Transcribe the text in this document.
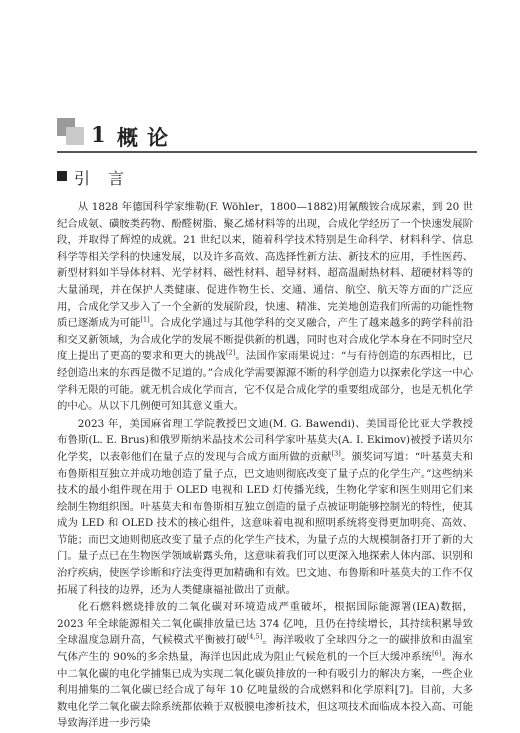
1 概论
引言

从 1828 年德国科学家维勒(F. Wöhler，1800—1882)用氰酸铵合成尿素，到 20 世纪合成氨、磺胺类药物、酚醛树脂、聚乙烯材料等的出现，合成化学经历了一个快速发展阶段，并取得了辉煌的成就。21 世纪以来，随着科学技术特别是生命科学、材料科学、信息科学等相关学科的快速发展，以及许多高效、高选择性新方法、新技术的应用，手性医药、新型材料如半导体材料、光学材料、磁性材料、超导材料、超高温耐热材料、超硬材料等的大量涌现，并在保护人类健康、促进作物生长、交通、通信、航空、航天等方面的广泛应用，合成化学又步入了一个全新的发展阶段，快速、精准、完美地创造我们所需的功能性物质已逐渐成为可能[1]。合成化学通过与其他学科的交叉融合，产生了越来越多的跨学科前沿和交叉新领域，为合成化学的发展不断提供新的机遇，同时也对合成化学本身在不同时空尺度上提出了更高的要求和更大的挑战[2]。法国作家雨果说过：“与有待创造的东西相比，已经创造出来的东西是微不足道的。”合成化学需要源源不断的科学创造力以探索化学这一中心学科无限的可能。就无机合成化学而言，它不仅是合成化学的重要组成部分，也是无机化学的中心。从以下几例便可知其意义重大。

2023 年，美国麻省理工学院教授巴文迪(M. G. Bawendi)、美国哥伦比亚大学教授布鲁斯(L. E. Brus)和俄罗斯纳米晶技术公司科学家叶基莫夫(A. I. Ekimov)被授予诺贝尔化学奖，以表彰他们在量子点的发现与合成方面所做的贡献[3]。颁奖词写道：“叶基莫夫和布鲁斯相互独立并成功地创造了量子点，巴文迪则彻底改变了量子点的化学生产。”这些纳米技术的最小组件现在用于 OLED 电视和 LED 灯传播光线，生物化学家和医生则用它们来绘制生物组织图。叶基莫夫和布鲁斯相互独立创造的量子点被证明能够控制光的特性，使其成为 LED 和 OLED 技术的核心组件，这意味着电视和照明系统将变得更加明亮、高效、节能；而巴文迪则彻底改变了量子点的化学生产技术，为量子点的大规模制备打开了新的大门。量子点已在生物医学领域崭露头角，这意味着我们可以更深入地探索人体内部、识别和治疗疾病，使医学诊断和疗法变得更加精确和有效。巴文迪、布鲁斯和叶基莫夫的工作不仅拓展了科技的边界，还为人类健康福祉做出了贡献。

化石燃料燃烧排放的二氧化碳对环境造成严重破坏，根据国际能源署(IEA)数据，2023 年全球能源相关二氧化碳排放量已达 374 亿吨，且仍在持续增长，其持续积累导致全球温度急剧升高，气候模式平衡被打破[4,5]。海洋吸收了全球四分之一的碳排放和由温室气体产生的 90%的多余热量，海洋也因此成为阻止气候危机的一个巨大缓冲系统[6]。海水中二氧化碳的电化学捕集已成为实现二氧化碳负排放的一种有吸引力的解决方案，一些企业利用捕集的二氧化碳已经合成了每年 10 亿吨量级的合成燃料和化学原料[7]。目前，大多数电化学二氧化碳去除系统都依赖于双极膜电渗析技术，但这项技术面临成本投入高、可能导致海洋进一步污染
